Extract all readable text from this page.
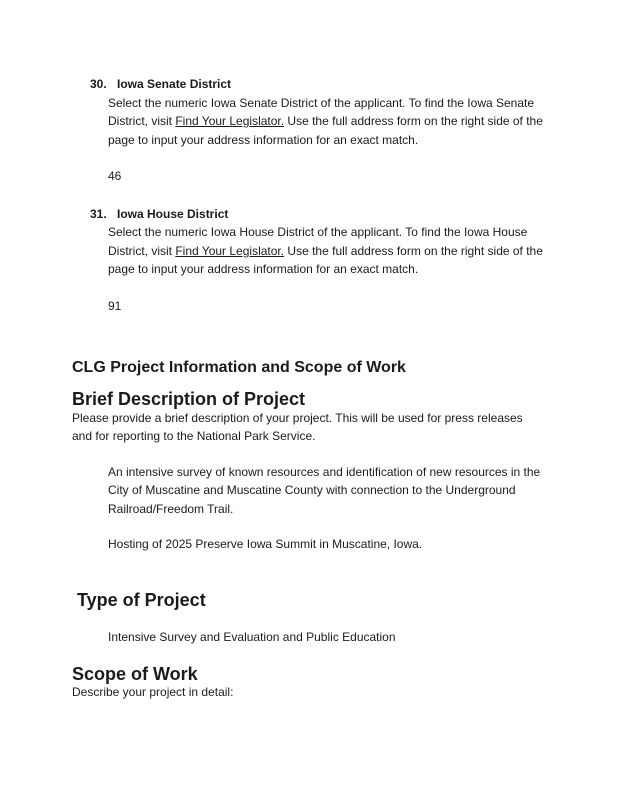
30. Iowa Senate District

Select the numeric Iowa Senate District of the applicant. To find the Iowa Senate District, visit Find Your Legislator. Use the full address form on the right side of the page to input your address information for an exact match.

46

31. Iowa House District

Select the numeric Iowa House District of the applicant. To find the Iowa House District, visit Find Your Legislator. Use the full address form on the right side of the page to input your address information for an exact match.

91

CLG Project Information and Scope of Work
Brief Description of Project

Please provide a brief description of your project. This will be used for press releases and for reporting to the National Park Service.

An intensive survey of known resources and identification of new resources in the City of Muscatine and Muscatine County with connection to the Underground Railroad/Freedom Trail.

Hosting of 2025 Preserve Iowa Summit in Muscatine, Iowa.

Type of Project

Intensive Survey and Evaluation and Public Education

Scope of Work

Describe your project in detail:
